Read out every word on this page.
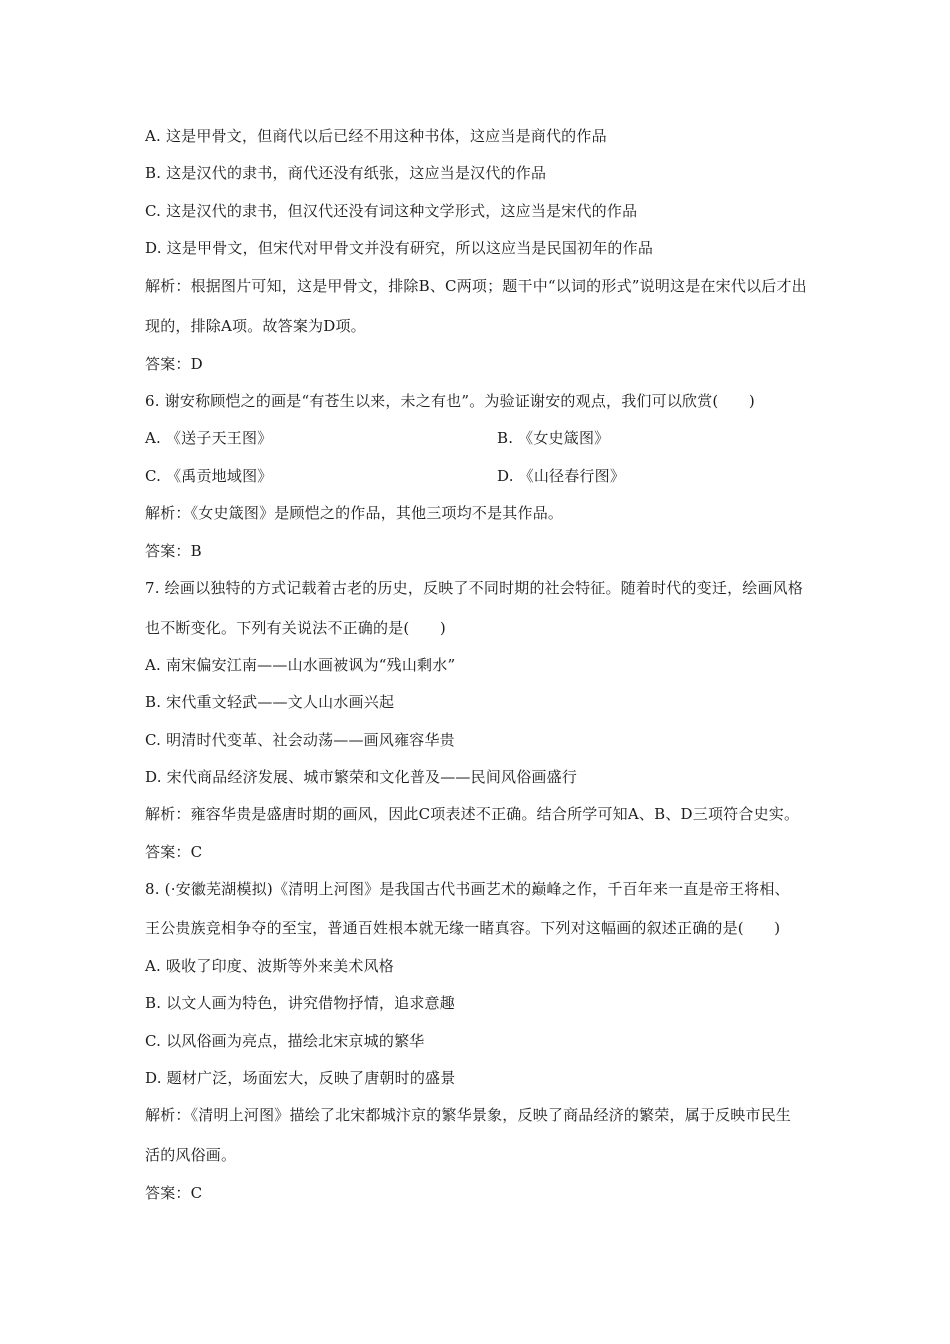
A. 这是甲骨文，但商代以后已经不用这种书体，这应当是商代的作品
B. 这是汉代的隶书，商代还没有纸张，这应当是汉代的作品
C. 这是汉代的隶书，但汉代还没有词这种文学形式，这应当是宋代的作品
D. 这是甲骨文，但宋代对甲骨文并没有研究，所以这应当是民国初年的作品
解析：根据图片可知，这是甲骨文，排除B、C两项；题干中“以词的形式”说明这是在宋代以后才出
现的，排除A项。故答案为D项。
答案：D
6. 谢安称顾恺之的画是“有苍生以来，未之有也”。为验证谢安的观点，我们可以欣赏(　　)
A. 《送子天王图》	B. 《女史箴图》
C. 《禹贡地域图》	D. 《山径春行图》
解析：《女史箴图》是顾恺之的作品，其他三项均不是其作品。
答案：B
7. 绘画以独特的方式记载着古老的历史，反映了不同时期的社会特征。随着时代的变迁，绘画风格
也不断变化。下列有关说法不正确的是(　　)
A. 南宋偏安江南——山水画被讽为“残山剩水”
B. 宋代重文轻武——文人山水画兴起
C. 明清时代变革、社会动荡——画风雍容华贵
D. 宋代商品经济发展、城市繁荣和文化普及——民间风俗画盛行
解析：雍容华贵是盛唐时期的画风，因此C项表述不正确。结合所学可知A、B、D三项符合史实。
答案：C
8. (·安徽芜湖模拟)《清明上河图》是我国古代书画艺术的巅峰之作，千百年来一直是帝王将相、
王公贵族竞相争夺的至宝，普通百姓根本就无缘一睹真容。下列对这幅画的叙述正确的是(　　)
A. 吸收了印度、波斯等外来美术风格
B. 以文人画为特色，讲究借物抒情，追求意趣
C. 以风俗画为亮点，描绘北宋京城的繁华
D. 题材广泛，场面宏大，反映了唐朝时的盛景
解析：《清明上河图》描绘了北宋都城汴京的繁华景象，反映了商品经济的繁荣，属于反映市民生
活的风俗画。
答案：C
